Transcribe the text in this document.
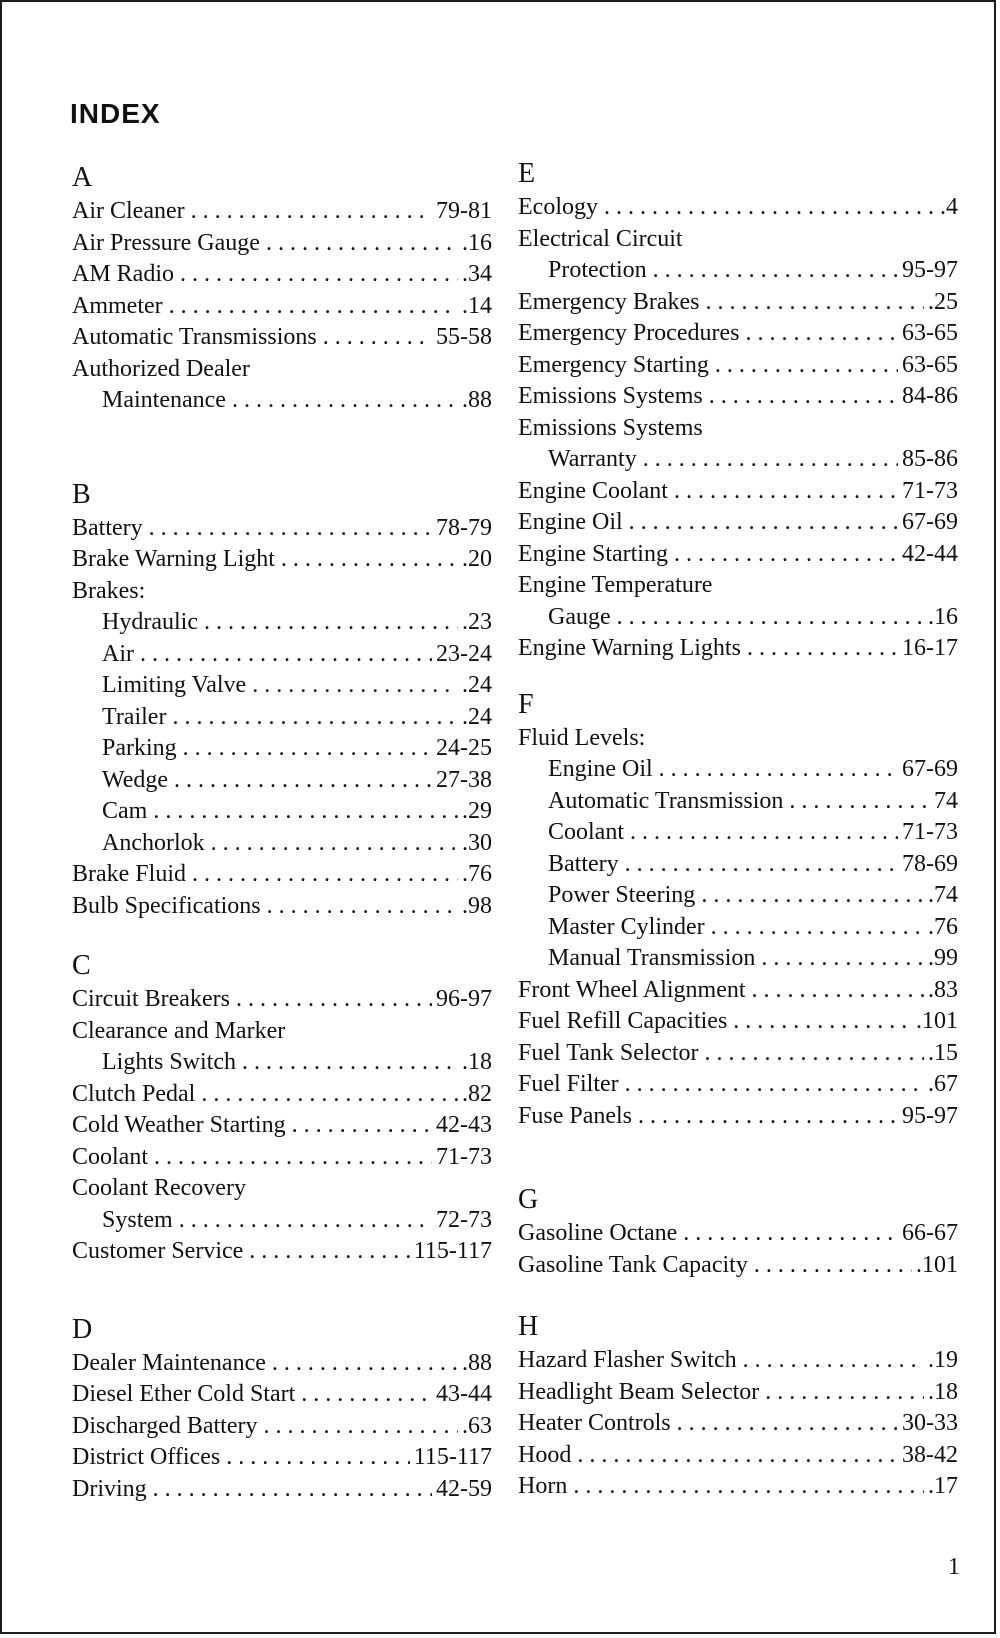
INDEX
A
Air Cleaner . . .	79-81
Air Pressure Gauge . . .	.16
AM Radio . . .	.34
Ammeter . . .	.14
Automatic Transmissions . . .	55-58
Authorized Dealer
Maintenance . . .	.88
B
Battery . . .	78-79
Brake Warning Light . . .	.20
Brakes:
Hydraulic . . .	.23
Air . . .	23-24
Limiting Valve . . .	.24
Trailer . . .	.24
Parking . . .	24-25
Wedge . . .	27-38
Cam . . .	.29
Anchorlok . . .	.30
Brake Fluid . . .	.76
Bulb Specifications . . .	.98
C
Circuit Breakers . . .	96-97
Clearance and Marker
Lights Switch . . .	.18
Clutch Pedal . . .	.82
Cold Weather Starting . . .	42-43
Coolant . . .	71-73
Coolant Recovery
System . . .	72-73
Customer Service . . .	115-117
D
Dealer Maintenance . . .	.88
Diesel Ether Cold Start . . .	43-44
Discharged Battery . . .	.63
District Offices . . .	115-117
Driving . . .	42-59
E
Ecology . . .	.4
Electrical Circuit
Protection . . .	95-97
Emergency Brakes . . .	.25
Emergency Procedures . . .	63-65
Emergency Starting . . .	63-65
Emissions Systems . . .	84-86
Emissions Systems
Warranty . . .	85-86
Engine Coolant . . .	71-73
Engine Oil . . .	67-69
Engine Starting . . .	42-44
Engine Temperature
Gauge . . .	.16
Engine Warning Lights . . .	16-17
F
Fluid Levels:
Engine Oil . . .	67-69
Automatic Transmission . . .	74
Coolant . . .	71-73
Battery . . .	78-69
Power Steering . . .	.74
Master Cylinder . . .	.76
Manual Transmission . . .	.99
Front Wheel Alignment . . .	.83
Fuel Refill Capacities . . .	.101
Fuel Tank Selector . . .	.15
Fuel Filter . . .	.67
Fuse Panels . . .	95-97
G
Gasoline Octane . . .	66-67
Gasoline Tank Capacity . . .	.101
H
Hazard Flasher Switch . . .	.19
Headlight Beam Selector . . .	.18
Heater Controls . . .	30-33
Hood . . .	38-42
Horn . . .	.17
1
